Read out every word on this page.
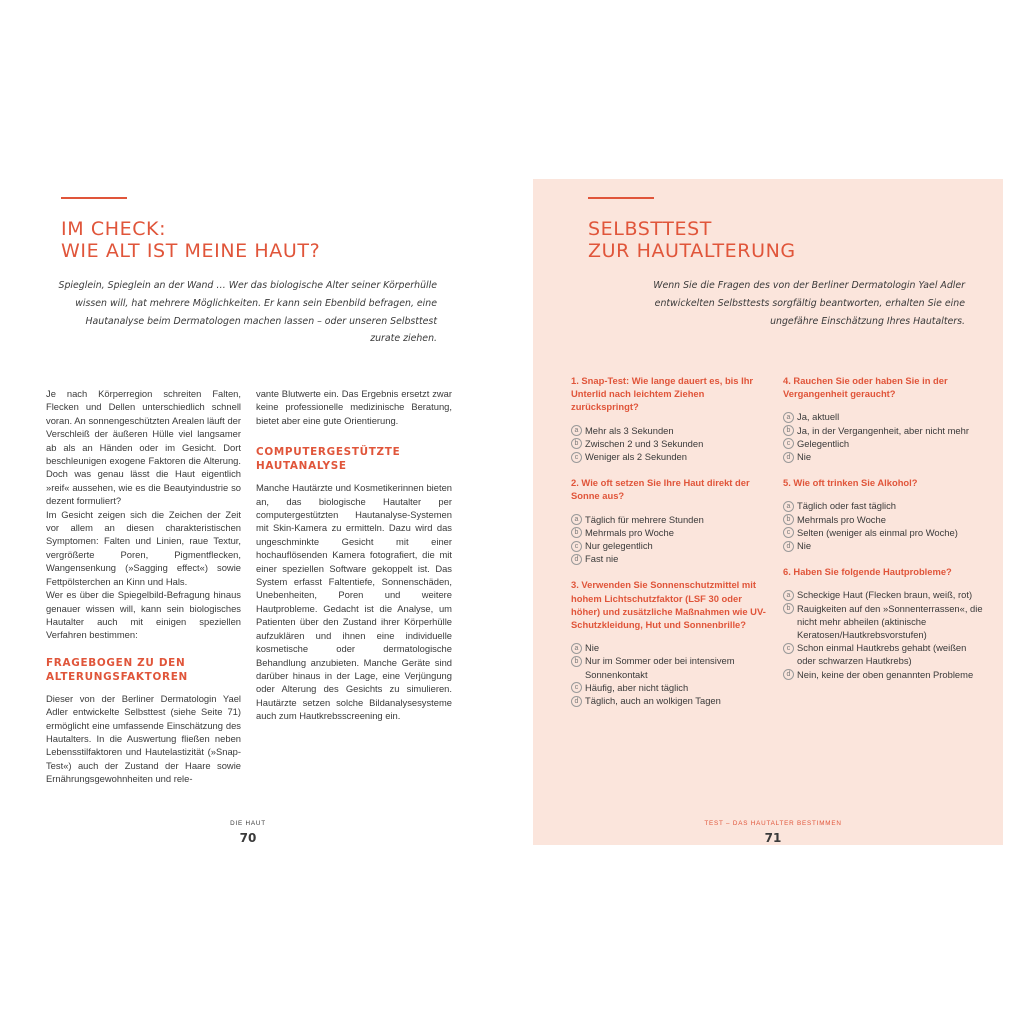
IM CHECK:
WIE ALT IST MEINE HAUT?

Spieglein, Spieglein an der Wand … Wer das biologische Alter seiner Körperhülle wissen will, hat mehrere Möglichkeiten. Er kann sein Ebenbild befragen, eine Hautanalyse beim Dermatologen machen lassen – oder unseren Selbsttest zurate ziehen.

Je nach Körperregion schreiten Falten, Flecken und Dellen unterschiedlich schnell voran. An sonnengeschützten Arealen läuft der Verschleiß der äußeren Hülle viel langsamer ab als an Händen oder im Gesicht. Dort beschleunigen exogene Faktoren die Alterung. Doch was genau lässt die Haut eigentlich »reif« aussehen, wie es die Beautyindustrie so dezent formuliert?

Im Gesicht zeigen sich die Zeichen der Zeit vor allem an diesen charakteristischen Symptomen: Falten und Linien, raue Textur, vergrößerte Poren, Pigmentflecken, Wangensenkung (»Sagging effect«) sowie Fettpölsterchen an Kinn und Hals.

Wer es über die Spiegelbild-Befragung hinaus genauer wissen will, kann sein biologisches Hautalter auch mit einigen speziellen Verfahren bestimmen:

FRAGEBOGEN ZU DEN ALTERUNGSFAKTOREN

Dieser von der Berliner Dermatologin Yael Adler entwickelte Selbsttest (siehe Seite 71) ermöglicht eine umfassende Einschätzung des Hautalters. In die Auswertung fließen neben Lebensstilfaktoren und Hautelastizität (»Snap-Test«) auch der Zustand der Haare sowie Ernährungsgewohnheiten und rele-

vante Blutwerte ein. Das Ergebnis ersetzt zwar keine professionelle medizinische Beratung, bietet aber eine gute Orientierung.

COMPUTERGESTÜTZTE HAUTANALYSE

Manche Hautärzte und Kosmetikerinnen bieten an, das biologische Hautalter per computergestützten Hautanalyse-Systemen mit Skin-Kamera zu ermitteln. Dazu wird das ungeschminkte Gesicht mit einer hochauflösenden Kamera fotografiert, die mit einer speziellen Software gekoppelt ist. Das System erfasst Faltentiefe, Sonnenschäden, Unebenheiten, Poren und weitere Hautprobleme. Gedacht ist die Analyse, um Patienten über den Zustand ihrer Körperhülle aufzuklären und ihnen eine individuelle kosmetische oder dermatologische Behandlung anzubieten. Manche Geräte sind darüber hinaus in der Lage, eine Verjüngung oder Alterung des Gesichts zu simulieren. Hautärzte setzen solche Bildanalysesysteme auch zum Hautkrebsscreening ein.

DIE HAUT
70
SELBSTTEST
ZUR HAUTALTERUNG

Wenn Sie die Fragen des von der Berliner Dermatologin Yael Adler entwickelten Selbsttests sorgfältig beantworten, erhalten Sie eine ungefähre Einschätzung Ihres Hautalters.

1. Snap-Test: Wie lange dauert es, bis Ihr Unterlid nach leichtem Ziehen zurückspringt?

a Mehr als 3 Sekunden
b Zwischen 2 und 3 Sekunden
c Weniger als 2 Sekunden

2. Wie oft setzen Sie Ihre Haut direkt der Sonne aus?

a Täglich für mehrere Stunden
b Mehrmals pro Woche
c Nur gelegentlich
d Fast nie

3. Verwenden Sie Sonnenschutzmittel mit hohem Lichtschutzfaktor (LSF 30 oder höher) und zusätzliche Maßnahmen wie UV-Schutzkleidung, Hut und Sonnenbrille?

a Nie
b Nur im Sommer oder bei intensivem Sonnenkontakt
c Häufig, aber nicht täglich
d Täglich, auch an wolkigen Tagen

4. Rauchen Sie oder haben Sie in der Vergangenheit geraucht?

a Ja, aktuell
b Ja, in der Vergangenheit, aber nicht mehr
c Gelegentlich
d Nie

5. Wie oft trinken Sie Alkohol?

a Täglich oder fast täglich
b Mehrmals pro Woche
c Selten (weniger als einmal pro Woche)
d Nie

6. Haben Sie folgende Hautprobleme?

a Scheckige Haut (Flecken braun, weiß, rot)
b Rauigkeiten auf den »Sonnenterrassen«, die nicht mehr abheilen (aktinische Keratosen/Hautkrebsvorstufen)
c Schon einmal Hautkrebs gehabt (weißen oder schwarzen Hautkrebs)
d Nein, keine der oben genannten Probleme
TEST – DAS HAUTALTER BESTIMMEN
71
